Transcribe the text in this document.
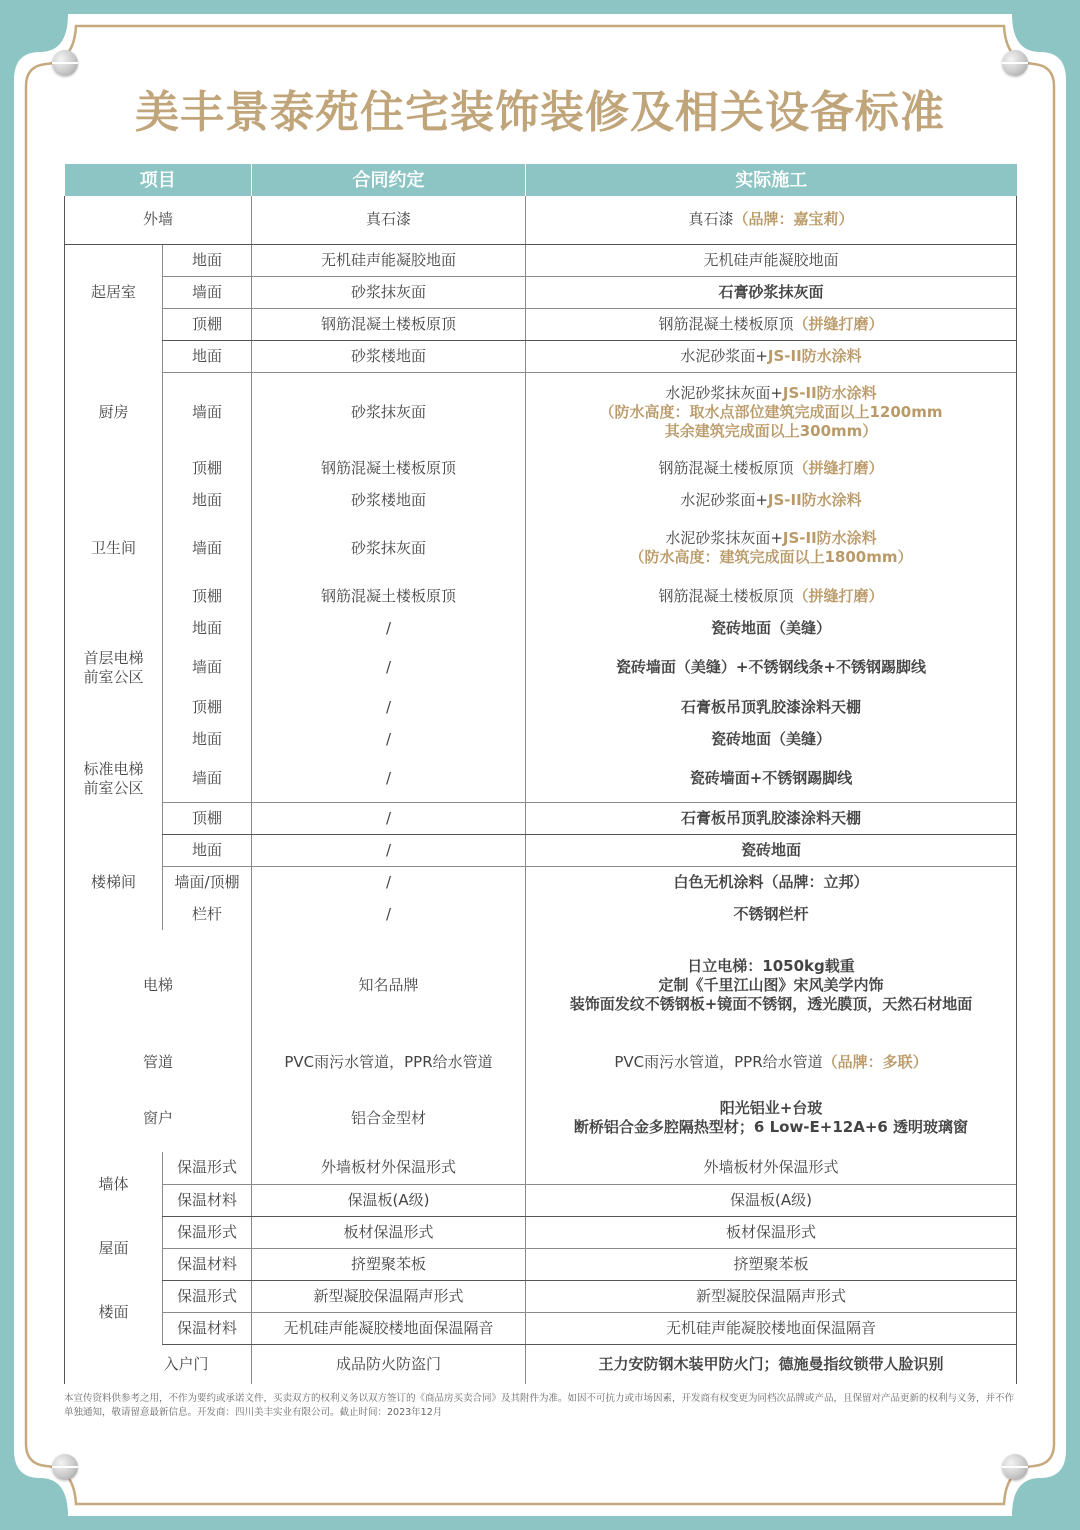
美丰景泰苑住宅装饰装修及相关设备标准
项目		合同约定	实际施工
外墙		真石漆	真石漆（品牌：嘉宝莉）
起居室	地面	无机硅声能凝胶地面	无机硅声能凝胶地面
	墙面	砂浆抹灰面	石膏砂浆抹灰面
	顶棚	钢筋混凝土楼板原顶	钢筋混凝土楼板原顶（拼缝打磨）
厨房	地面	砂浆楼地面	水泥砂浆面+JS-II防水涂料
	墙面	砂浆抹灰面	水泥砂浆抹灰面+JS-II防水涂料
（防水高度：取水点部位建筑完成面以上1200mm
其余建筑完成面以上300mm）

	顶棚	钢筋混凝土楼板原顶	钢筋混凝土楼板原顶（拼缝打磨）
卫生间	地面	砂浆楼地面	水泥砂浆面+JS-II防水涂料
	墙面	砂浆抹灰面	水泥砂浆抹灰面+JS-II防水涂料
（防水高度：建筑完成面以上1800mm）

	顶棚	钢筋混凝土楼板原顶	钢筋混凝土楼板原顶（拼缝打磨）

首层电梯
前室公区	地面	/	瓷砖地面（美缝）
	墙面	/	瓷砖墙面（美缝）+不锈钢线条+不锈钢踢脚线
	顶棚	/	石膏板吊顶乳胶漆涂料天棚

标准电梯
前室公区	地面	/	瓷砖地面（美缝）
	墙面	/	瓷砖墙面+不锈钢踢脚线
	顶棚	/	石膏板吊顶乳胶漆涂料天棚
楼梯间	地面	/	瓷砖地面
	墙面/顶棚	/	白色无机涂料（品牌：立邦）
	栏杆	/	不锈钢栏杆
电梯		知名品牌	日立电梯：1050kg载重
定制《千里江山图》宋风美学内饰
装饰面发纹不锈钢板+镜面不锈钢，透光膜顶，天然石材地面

管道		PVC雨污水管道，PPR给水管道	PVC雨污水管道，PPR给水管道（品牌：多联）
窗户		铝合金型材	阳光铝业+台玻
断桥铝合金多腔隔热型材；6 Low-E+12A+6 透明玻璃窗

墙体	保温形式	外墙板材外保温形式	外墙板材外保温形式
	保温材料	保温板(A级)	保温板(A级)
屋面	保温形式	板材保温形式	板材保温形式
	保温材料	挤塑聚苯板	挤塑聚苯板
楼面	保温形式	新型凝胶保温隔声形式	新型凝胶保温隔声形式
	保温材料	无机硅声能凝胶楼地面保温隔音	无机硅声能凝胶楼地面保温隔音
入户门		成品防火防盗门	王力安防钢木装甲防火门；德施曼指纹锁带人脸识别
本宣传资料供参考之用，不作为要约或承诺文件，买卖双方的权利义务以双方签订的《商品房买卖合同》及其附件为准。如因不可抗力或市场因素，开发商有权变更为同档次品牌或产品，且保留对产品更新的权利与义务，并不作单独通知，敬请留意最新信息。开发商：四川美丰实业有限公司。截止时间：2023年12月
